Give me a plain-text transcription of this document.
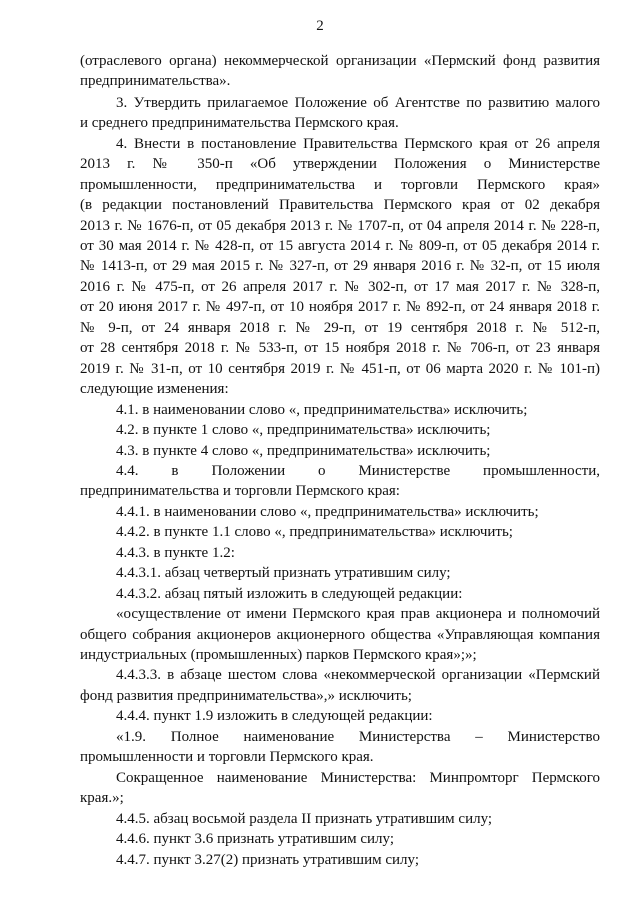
2
(отраслевого органа) некоммерческой организации «Пермский фонд развития
предпринимательства».
3. Утвердить прилагаемое Положение об Агентстве по развитию малого
и среднего предпринимательства Пермского края.
4. Внести в постановление Правительства Пермского края от 26 апреля
2013 г. № 350-п «Об утверждении Положения о Министерстве
промышленности, предпринимательства и торговли Пермского края»
(в редакции постановлений Правительства Пермского края от 02 декабря
2013 г. № 1676-п, от 05 декабря 2013 г. № 1707-п, от 04 апреля 2014 г. № 228-п,
от 30 мая 2014 г. № 428-п, от 15 августа 2014 г. № 809-п, от 05 декабря 2014 г.
№ 1413-п, от 29 мая 2015 г. № 327-п, от 29 января 2016 г. № 32-п, от 15 июля
2016 г. № 475-п, от 26 апреля 2017 г. № 302-п, от 17 мая 2017 г. № 328-п,
от 20 июня 2017 г. № 497-п, от 10 ноября 2017 г. № 892-п, от 24 января 2018 г.
№ 9-п, от 24 января 2018 г. № 29-п, от 19 сентября 2018 г. № 512-п,
от 28 сентября 2018 г. № 533-п, от 15 ноября 2018 г. № 706-п, от 23 января
2019 г. № 31-п, от 10 сентября 2019 г. № 451-п, от 06 марта 2020 г. № 101-п)
следующие изменения:
4.1. в наименовании слово «, предпринимательства» исключить;
4.2. в пункте 1 слово «, предпринимательства» исключить;
4.3. в пункте 4 слово «, предпринимательства» исключить;
4.4. в Положении о Министерстве промышленности,
предпринимательства и торговли Пермского края:
4.4.1. в наименовании слово «, предпринимательства» исключить;
4.4.2. в пункте 1.1 слово «, предпринимательства» исключить;
4.4.3. в пункте 1.2:
4.4.3.1. абзац четвертый признать утратившим силу;
4.4.3.2. абзац пятый изложить в следующей редакции:
«осуществление от имени Пермского края прав акционера и полномочий
общего собрания акционеров акционерного общества «Управляющая компания
индустриальных (промышленных) парков Пермского края»;»;
4.4.3.3. в абзаце шестом слова «некоммерческой организации «Пермский
фонд развития предпринимательства»,» исключить;
4.4.4. пункт 1.9 изложить в следующей редакции:
«1.9. Полное наименование Министерства – Министерство
промышленности и торговли Пермского края.
Сокращенное наименование Министерства: Минпромторг Пермского
края.»;
4.4.5. абзац восьмой раздела II признать утратившим силу;
4.4.6. пункт 3.6 признать утратившим силу;
4.4.7. пункт 3.27(2) признать утратившим силу;
